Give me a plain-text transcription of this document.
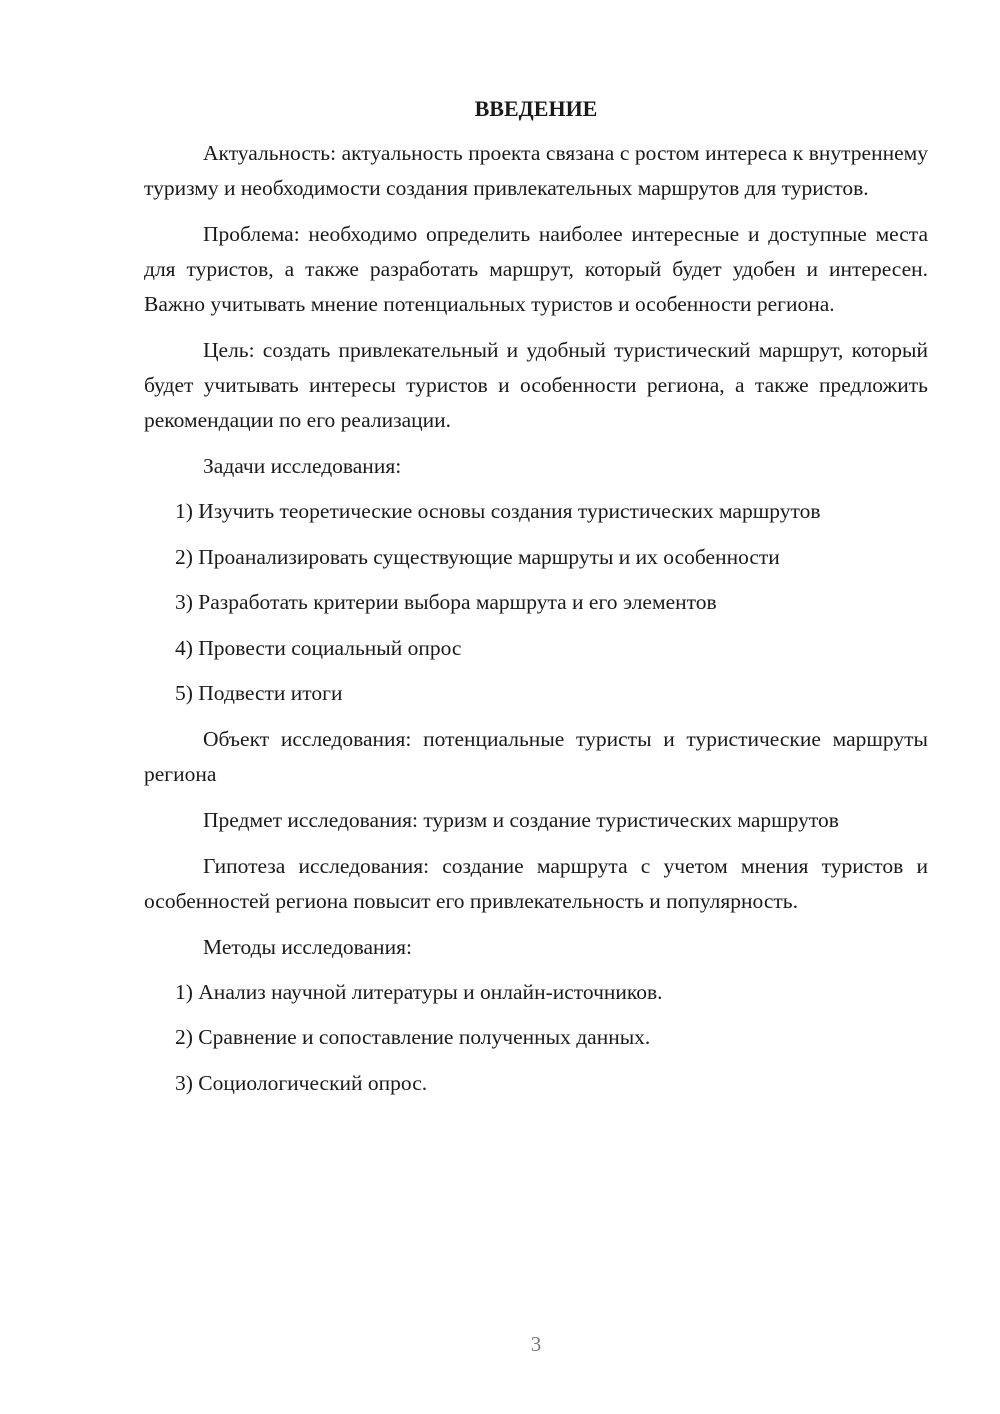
ВВЕДЕНИЕ

Актуальность: актуальность проекта связана с ростом интереса к внутреннему туризму и необходимости создания привлекательных маршрутов для туристов.

Проблема: необходимо определить наиболее интересные и доступные места для туристов, а также разработать маршрут, который будет удобен и интересен. Важно учитывать мнение потенциальных туристов и особенности региона.

Цель: создать привлекательный и удобный туристический маршрут, который будет учитывать интересы туристов и особенности региона, а также предложить рекомендации по его реализации.

Задачи исследования:

1) Изучить теоретические основы создания туристических маршрутов
2) Проанализировать существующие маршруты и их особенности
3) Разработать критерии выбора маршрута и его элементов
4) Провести социальный опрос
5) Подвести итоги

Объект исследования: потенциальные туристы и туристические маршруты региона

Предмет исследования: туризм и создание туристических маршрутов

Гипотеза исследования: создание маршрута с учетом мнения туристов и особенностей региона повысит его привлекательность и популярность.

Методы исследования:

1) Анализ научной литературы и онлайн-источников.
2) Сравнение и сопоставление полученных данных.
3) Социологический опрос.
3
